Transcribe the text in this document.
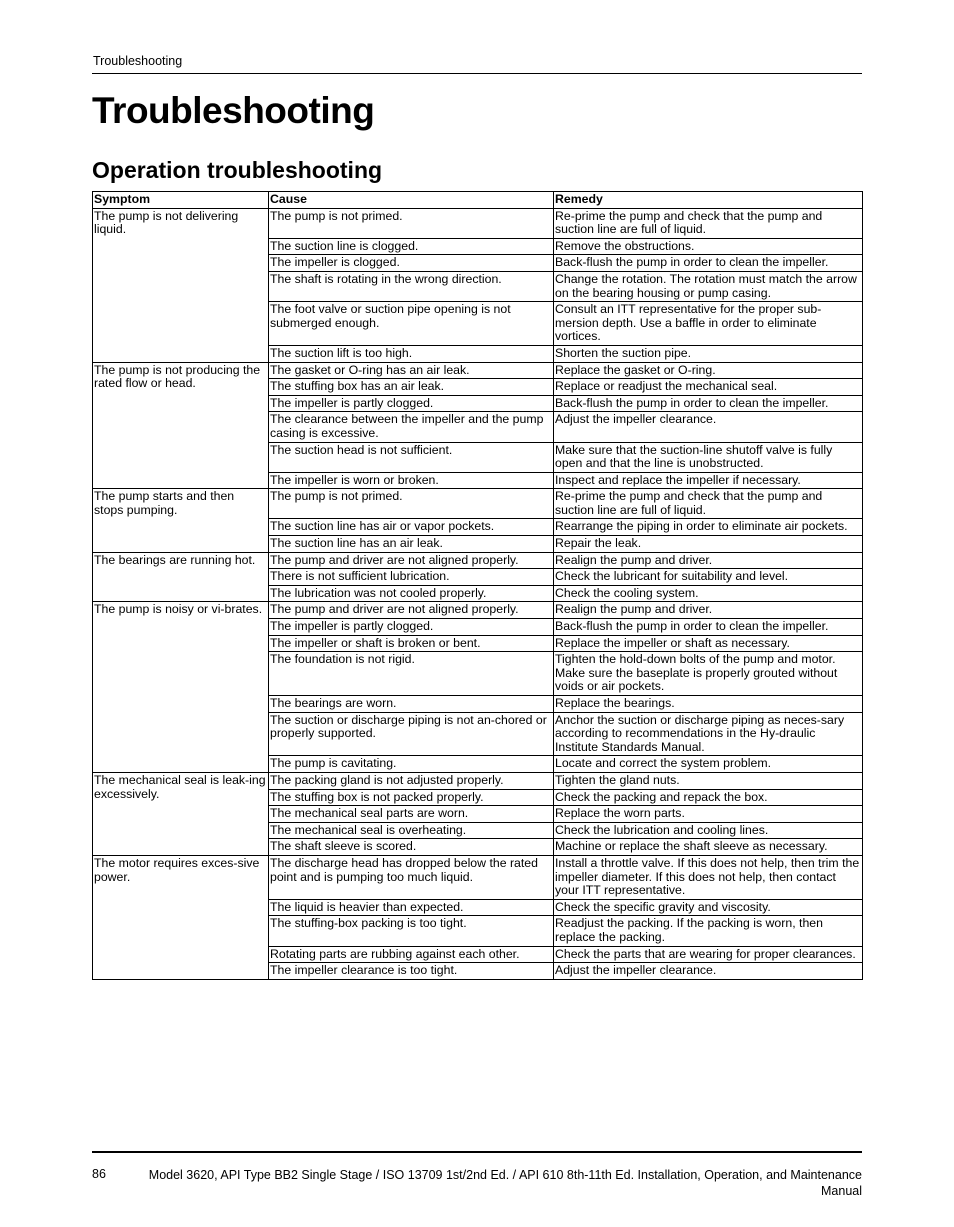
Troubleshooting
Troubleshooting
Operation troubleshooting
Symptom	Cause	Remedy
The pump is not delivering liquid.	The pump is not primed.	Re-prime the pump and check that the pump and suction line are full of liquid.
	The suction line is clogged.	Remove the obstructions.
	The impeller is clogged.	Back-flush the pump in order to clean the impeller.
	The shaft is rotating in the wrong direction.	Change the rotation. The rotation must match the arrow on the bearing housing or pump casing.
	The foot valve or suction pipe opening is not submerged enough.	Consult an ITT representative for the proper sub-mersion depth. Use a baffle in order to eliminate vortices.
	The suction lift is too high.	Shorten the suction pipe.
The pump is not producing the rated flow or head.	The gasket or O-ring has an air leak.	Replace the gasket or O-ring.
	The stuffing box has an air leak.	Replace or readjust the mechanical seal.
	The impeller is partly clogged.	Back-flush the pump in order to clean the impeller.
	The clearance between the impeller and the pump casing is excessive.	Adjust the impeller clearance.
	The suction head is not sufficient.	Make sure that the suction-line shutoff valve is fully open and that the line is unobstructed.
	The impeller is worn or broken.	Inspect and replace the impeller if necessary.
The pump starts and then stops pumping.	The pump is not primed.	Re-prime the pump and check that the pump and suction line are full of liquid.
	The suction line has air or vapor pockets.	Rearrange the piping in order to eliminate air pockets.
	The suction line has an air leak.	Repair the leak.
The bearings are running hot.	The pump and driver are not aligned properly.	Realign the pump and driver.
	There is not sufficient lubrication.	Check the lubricant for suitability and level.
	The lubrication was not cooled properly.	Check the cooling system.
The pump is noisy or vi-brates.	The pump and driver are not aligned properly.	Realign the pump and driver.
	The impeller is partly clogged.	Back-flush the pump in order to clean the impeller.
	The impeller or shaft is broken or bent.	Replace the impeller or shaft as necessary.
	The foundation is not rigid.	Tighten the hold-down bolts of the pump and motor. Make sure the baseplate is properly grouted without voids or air pockets.
	The bearings are worn.	Replace the bearings.
	The suction or discharge piping is not an-chored or properly supported.	Anchor the suction or discharge piping as neces-sary according to recommendations in the Hy-draulic Institute Standards Manual.
	The pump is cavitating.	Locate and correct the system problem.
The mechanical seal is leak-ing excessively.	The packing gland is not adjusted properly.	Tighten the gland nuts.
	The stuffing box is not packed properly.	Check the packing and repack the box.
	The mechanical seal parts are worn.	Replace the worn parts.
	The mechanical seal is overheating.	Check the lubrication and cooling lines.
	The shaft sleeve is scored.	Machine or replace the shaft sleeve as necessary.
The motor requires exces-sive power.	The discharge head has dropped below the rated point and is pumping too much liquid.	Install a throttle valve. If this does not help, then trim the impeller diameter. If this does not help, then contact your ITT representative.
	The liquid is heavier than expected.	Check the specific gravity and viscosity.
	The stuffing-box packing is too tight.	Readjust the packing. If the packing is worn, then replace the packing.
	Rotating parts are rubbing against each other.	Check the parts that are wearing for proper clearances.
	The impeller clearance is too tight.	Adjust the impeller clearance.
86	Model 3620, API Type BB2 Single Stage / ISO 13709 1st/2nd Ed. / API 610 8th-11th Ed. Installation, Operation, and Maintenance Manual
